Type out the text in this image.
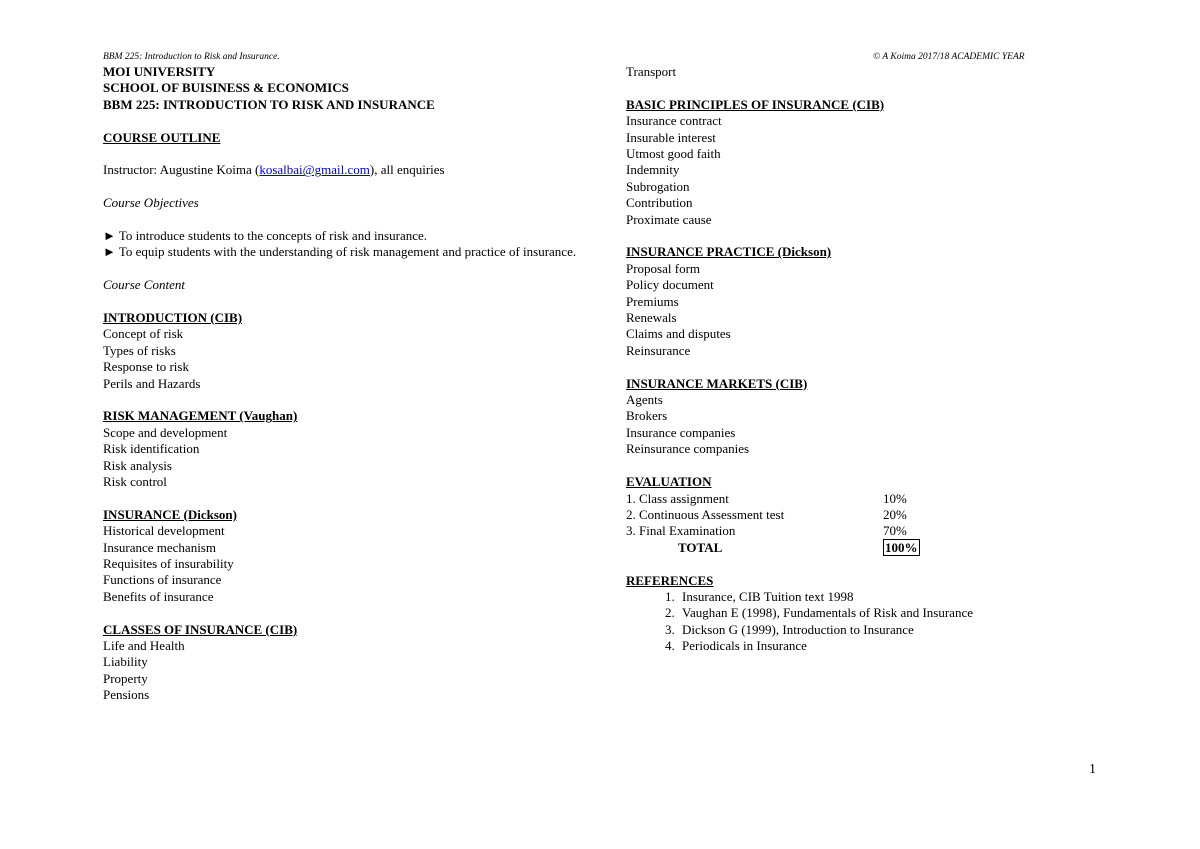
BBM 225: Introduction to Risk and Insurance.	© A Koima 2017/18 ACADEMIC YEAR
MOI UNIVERSITY
SCHOOL OF BUISINESS & ECONOMICS
BBM 225: INTRODUCTION TO RISK AND INSURANCE
COURSE OUTLINE
Instructor: Augustine Koima (kosalbai@gmail.com), all enquiries
Course Objectives
► To introduce students to the concepts of risk and insurance.
► To equip students with the understanding of risk management and practice of insurance.
Course Content
INTRODUCTION (CIB)
Concept of risk
Types of risks
Response to risk
Perils and Hazards
RISK MANAGEMENT (Vaughan)
Scope and development
Risk identification
Risk analysis
Risk control
INSURANCE (Dickson)
Historical development
Insurance mechanism
Requisites of insurability
Functions of insurance
Benefits of insurance
CLASSES OF INSURANCE (CIB)
Life and Health
Liability
Property
Pensions
Transport
BASIC PRINCIPLES OF INSURANCE (CIB)
Insurance contract
Insurable interest
Utmost good faith
Indemnity
Subrogation
Contribution
Proximate cause
INSURANCE PRACTICE (Dickson)
Proposal form
Policy document
Premiums
Renewals
Claims and disputes
Reinsurance
INSURANCE MARKETS (CIB)
Agents
Brokers
Insurance companies
Reinsurance companies
EVALUATION
1. Class assignment	10%
2. Continuous Assessment test	20%
3. Final Examination	70%
TOTAL	100%
REFERENCES
1. Insurance, CIB Tuition text 1998
2. Vaughan E (1998), Fundamentals of Risk and Insurance
3. Dickson G (1999), Introduction to Insurance
4. Periodicals in Insurance
1
